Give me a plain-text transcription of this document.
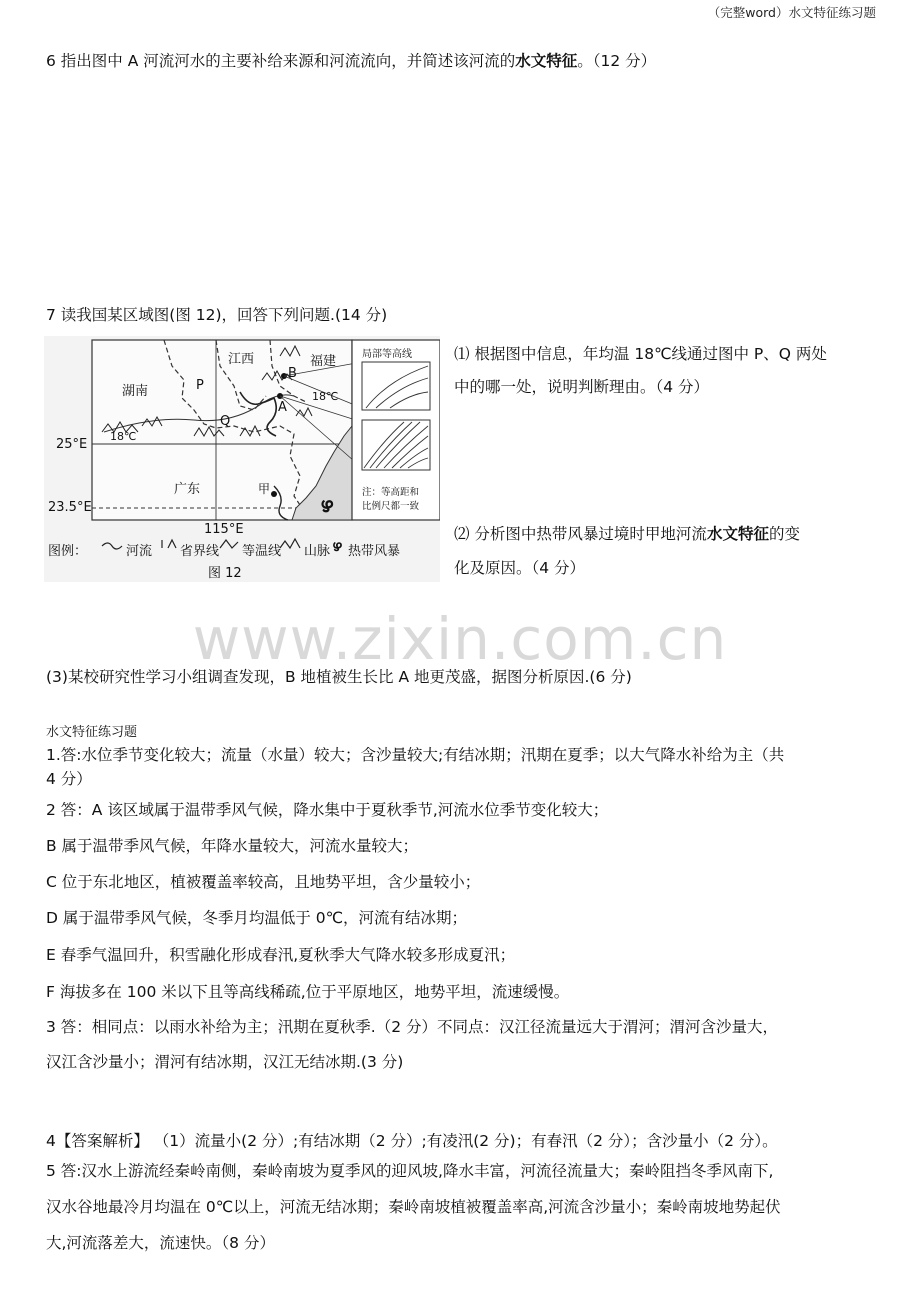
（完整word）水文特征练习题
6 指出图中 A 河流河水的主要补给来源和河流流向，并简述该河流的水文特征。（12 分）
7 读我国某区域图(图 12)，回答下列问题.(14 分)
ഴ
ഴ
湖南
江西	福建
广东
局部等高线
P
Q
A
B
甲
18℃
18℃
25°E
23.5°E
115°E
注：等高距和
比例尺都一致
图例：	河流 省界线 等温线 山脉 热带风暴
图 12
⑴ 根据图中信息，年均温 18℃线通过图中 P、Q 两处
中的哪一处，说明判断理由。（4 分）
⑵ 分析图中热带风暴过境时甲地河流水文特征的变
化及原因。（4 分）
www.zixin.com.cn
(3)某校研究性学习小组调查发现，B 地植被生长比 A 地更茂盛，据图分析原因.(6 分)
水文特征练习题
1.答:水位季节变化较大；流量（水量）较大；含沙量较大;有结冰期；汛期在夏季；以大气降水补给为主（共
4 分）
2 答：A 该区域属于温带季风气候，降水集中于夏秋季节,河流水位季节变化较大；
B 属于温带季风气候，年降水量较大，河流水量较大；
C 位于东北地区，植被覆盖率较高，且地势平坦，含少量较小；
D 属于温带季风气候，冬季月均温低于 0℃，河流有结冰期；
E 春季气温回升，积雪融化形成春汛,夏秋季大气降水较多形成夏汛；
F 海拔多在 100 米以下且等高线稀疏,位于平原地区，地势平坦，流速缓慢。
3 答：相同点：以雨水补给为主；汛期在夏秋季.（2 分）不同点：汉江径流量远大于渭河；渭河含沙量大，
汉江含沙量小；渭河有结冰期，汉江无结冰期.(3 分)
4【答案解析】 （1）流量小(2 分）;有结冰期（2 分）;有凌汛(2 分)；有春汛（2 分）；含沙量小（2 分）。
5 答:汉水上游流经秦岭南侧，秦岭南坡为夏季风的迎风坡,降水丰富，河流径流量大；秦岭阻挡冬季风南下,
汉水谷地最冷月均温在 0℃以上，河流无结冰期；秦岭南坡植被覆盖率高,河流含沙量小；秦岭南坡地势起伏
大,河流落差大，流速快。（8 分）
